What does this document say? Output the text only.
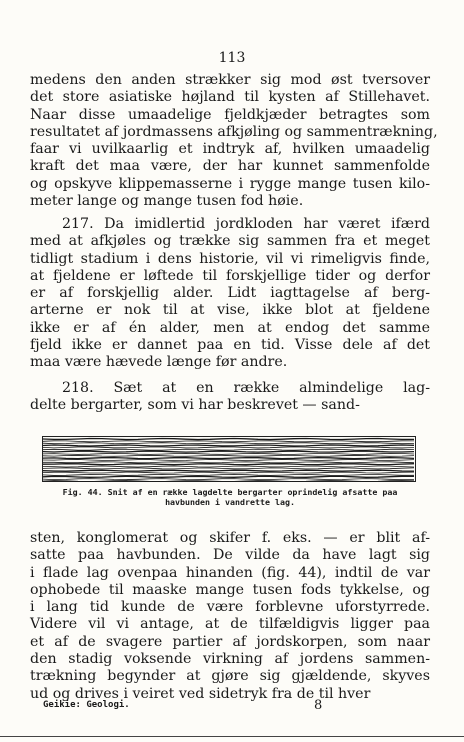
113
medens den anden strækker sig mod øst tversover
det store asiatiske højland til kysten af Stillehavet.
Naar disse umaadelige fjeldkjæder betragtes som
resultatet af jordmassens afkjøling og sammentrækning,
faar vi uvilkaarlig et indtryk af, hvilken umaadelig
kraft det maa være, der har kunnet sammenfolde
og opskyve klippemasserne i rygge mange tusen kilo-
meter lange og mange tusen fod høie.
217. Da imidlertid jordkloden har været ifærd
med at afkjøles og trække sig sammen fra et meget
tidligt stadium i dens historie, vil vi rimeligvis finde,
at fjeldene er løftede til forskjellige tider og derfor
er af forskjellig alder. Lidt iagttagelse af berg-
arterne er nok til at vise, ikke blot at fjeldene
ikke er af én alder, men at endog det samme
fjeld ikke er dannet paa en tid. Visse dele af det
maa være hævede længe før andre.
218. Sæt at en række almindelige lag-
delte bergarter, som vi har beskrevet — sand-
Fig. 44. Snit af en række lagdelte bergarter oprindelig afsatte paa
havbunden i vandrette lag.
sten, konglomerat og skifer f. eks. — er blit af-
satte paa havbunden. De vilde da have lagt sig
i flade lag ovenpaa hinanden (fig. 44), indtil de var
ophobede til maaske mange tusen fods tykkelse, og
i lang tid kunde de være forblevne uforstyrrede.
Videre vil vi antage, at de tilfældigvis ligger paa
et af de svagere partier af jordskorpen, som naar
den stadig voksende virkning af jordens sammen-
trækning begynder at gjøre sig gjældende, skyves
ud og drives i veiret ved sidetryk fra de til hver
Geikie: Geologi.	8
